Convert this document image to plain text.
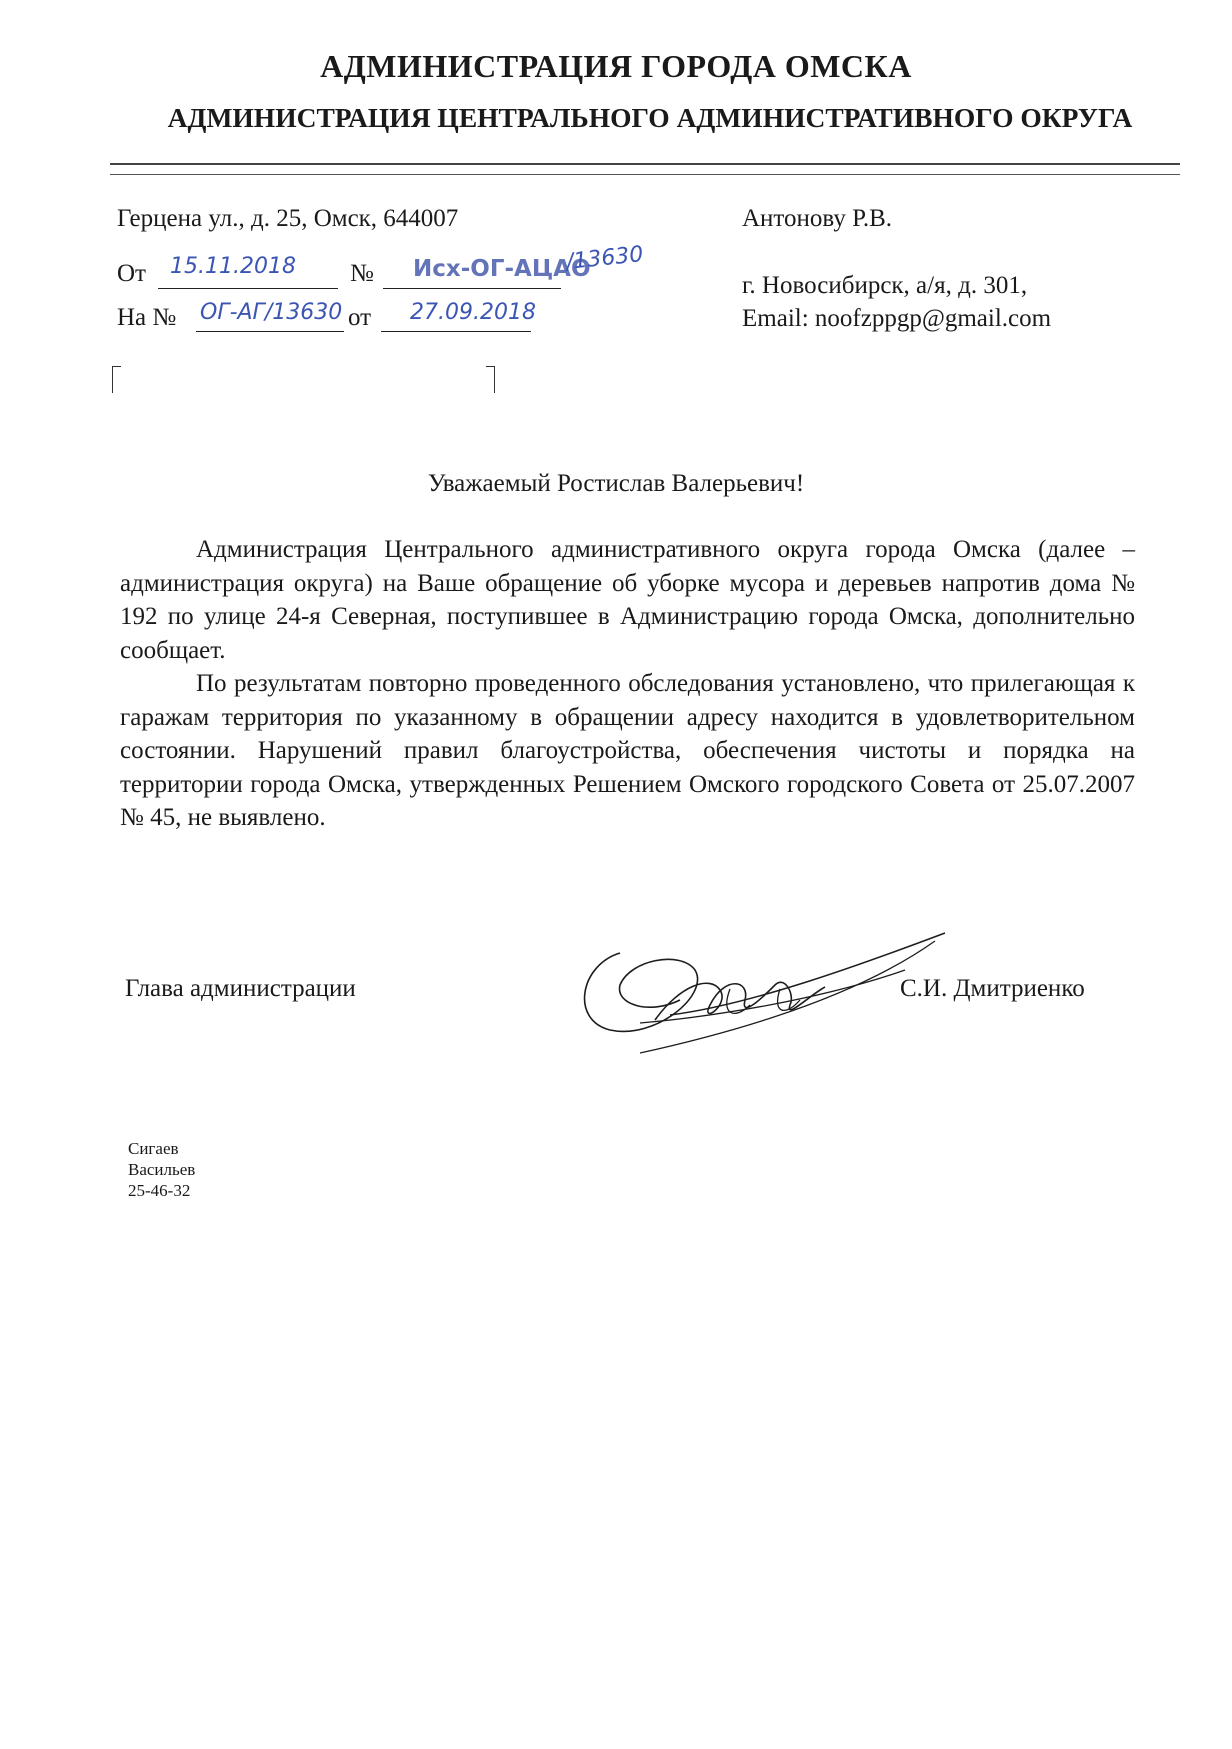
АДМИНИСТРАЦИЯ ГОРОДА ОМСКА
АДМИНИСТРАЦИЯ ЦЕНТРАЛЬНОГО АДМИНИСТРАТИВНОГО ОКРУГА
Герцена ул., д. 25, Омск, 644007
От 15.11.2018 № Исх-ОГ-АЦАО
/13630
На № ОГ-АГ/13630 от 27.09.2018
Антонову Р.В.
г. Новосибирск, а/я, д. 301,
Email: noofzppgp@gmail.com
Уважаемый Ростислав Валерьевич!

Администрация Центрального административного округа города Омска (далее – администрация округа) на Ваше обращение об уборке мусора и деревьев напротив дома № 192 по улице 24-я Северная, поступившее в Администрацию города Омска, дополнительно сообщает.

По результатам повторно проведенного обследования установлено, что прилегающая к гаражам территория по указанному в обращении адресу находится в удовлетворительном состоянии. Нарушений правил благоустройства, обеспечения чистоты и порядка на территории города Омска, утвержденных Решением Омского городского Совета от 25.07.2007 № 45, не выявлено.

Глава администрации	С.И. Дмитриенко
Сигаев
Васильев
25-46-32
